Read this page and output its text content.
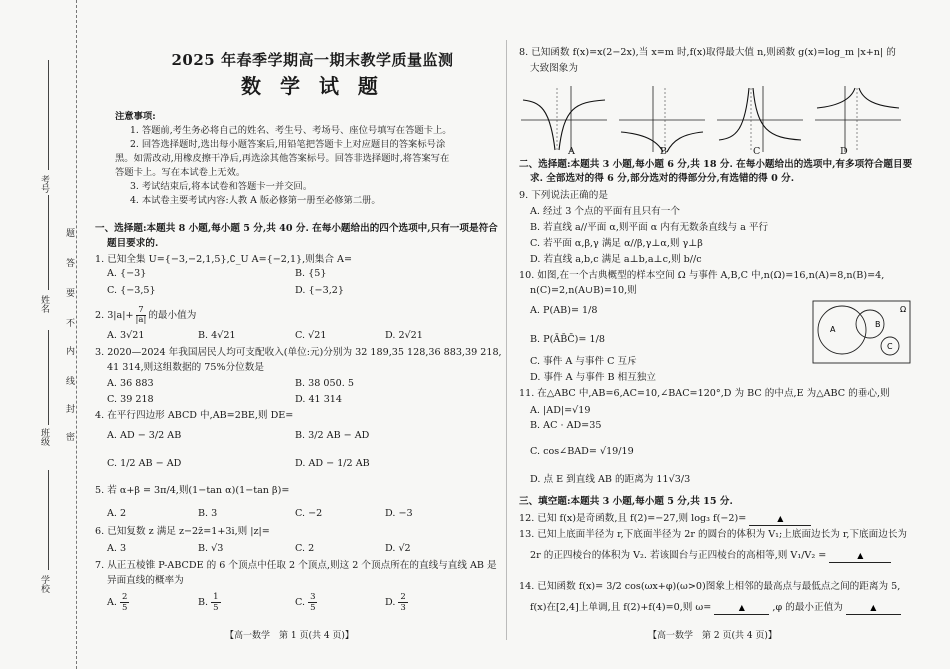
考号
姓名
班级
学校
题
答
要
不
内
线
封
密
2025 年春季学期高一期末教学质量监测
数 学 试 题
注意事项:
1. 答题前,考生务必将自己的姓名、考生号、考场号、座位号填写在答题卡上。
2. 回答选择题时,选出每小题答案后,用铅笔把答题卡上对应题目的答案标号涂
黑。如需改动,用橡皮擦干净后,再选涂其他答案标号。回答非选择题时,将答案写在
答题卡上。写在本试卷上无效。
3. 考试结束后,将本试卷和答题卡一并交回。
4. 本试卷主要考试内容:人教 A 版必修第一册至必修第二册。
一、选择题:本题共 8 小题,每小题 5 分,共 40 分. 在每小题给出的四个选项中,只有一项是符合
题目要求的.
1. 已知全集 U={−3,−2,1,5},∁_U A={−2,1},则集合 A=
A. {−3}	B. {5}
C. {−3,5}	D. {−3,2}
2. $3|a|+ \frac{7}{|a|}$ 的最小值为
A. 3√21	B. 4√21	C. √21	D. 2√21
3. 2020—2024 年我国居民人均可支配收入(单位:元)分别为 32 189,35 128,36 883,39 218,
41 314,则这组数据的 75%分位数是
A. 36 883	B. 38 050. 5
C. 39 218	D. 41 314
4. 在平行四边形 ABCD 中,AB=2BE,则 DE=
A. AD − 3/2 AB	B. 3/2 AB − AD
C. 1/2 AB − AD	D. AD − 1/2 AB
5. 若 α+β = 3π/4,则(1−tan α)(1−tan β)=
A. 2	B. 3	C. −2	D. −3
6. 已知复数 z 满足 z−2z̄=1+3i,则 |z|=
A. 3	B. √3	C. 2	D. √2
7. 从正五棱锥 P-ABCDE 的 6 个顶点中任取 2 个顶点,则这 2 个顶点所在的直线与直线 AB 是
异面直线的概率为
A. $\frac{2}{5}$	B. $\frac{1}{5}$	C. $\frac{3}{5}$	D. $\frac{2}{3}$
【高一数学　第 1 页(共 4 页)】
8. 已知函数 f(x)=x(2−2x),当 x=m 时,f(x)取得最大值 n,则函数 g(x)=log_m |x+n| 的
大致图象为
A	B	C	D
二、选择题:本题共 3 小题,每小题 6 分,共 18 分. 在每小题给出的选项中,有多项符合题目要
求. 全部选对的得 6 分,部分选对的得部分分,有选错的得 0 分.
9. 下列说法正确的是
A. 经过 3 个点的平面有且只有一个
B. 若直线 a//平面 α,则平面 α 内有无数条直线与 a 平行
C. 若平面 α,β,γ 满足 α//β,γ⊥α,则 γ⊥β
D. 若直线 a,b,c 满足 a⊥b,a⊥c,则 b//c
10. 如图,在一个古典概型的样本空间 Ω 与事件 A,B,C 中,n(Ω)=16,n(A)=8,n(B)=4,
n(C)=2,n(A∪B)=10,则
A. P(AB)= 1/8
B. P(ĀB̄C̄)= 1/8
C. 事件 A 与事件 C 互斥
D. 事件 A 与事件 B 相互独立
Ω
A
B
C
11. 在△ABC 中,AB=6,AC=10,∠BAC=120°,D 为 BC 的中点,E 为△ABC 的垂心,则
A. |AD|=√19
B. AC · AD=35
C. cos∠BAD= √19/19
D. 点 E 到直线 AB 的距离为 11√3/3
三、填空题:本题共 3 小题,每小题 5 分,共 15 分.
12. 已知 f(x)是奇函数,且 f(2)=−27,则 log₃ f(−2)=	▲
13. 已知上底面半径为 r,下底面半径为 2r 的圆台的体积为 V₁;上底面边长为 r,下底面边长为
2r 的正四棱台的体积为 V₂. 若该圆台与正四棱台的高相等,则 V₁/V₂ =	▲
14. 已知函数 f(x)= 3/2 cos(ωx+φ)(ω>0)图象上相邻的最高点与最低点之间的距离为 5,
f(x)在[2,4]上单调,且 f(2)+f(4)=0,则 ω=	▲	,φ 的最小正值为	▲
【高一数学　第 2 页(共 4 页)】
